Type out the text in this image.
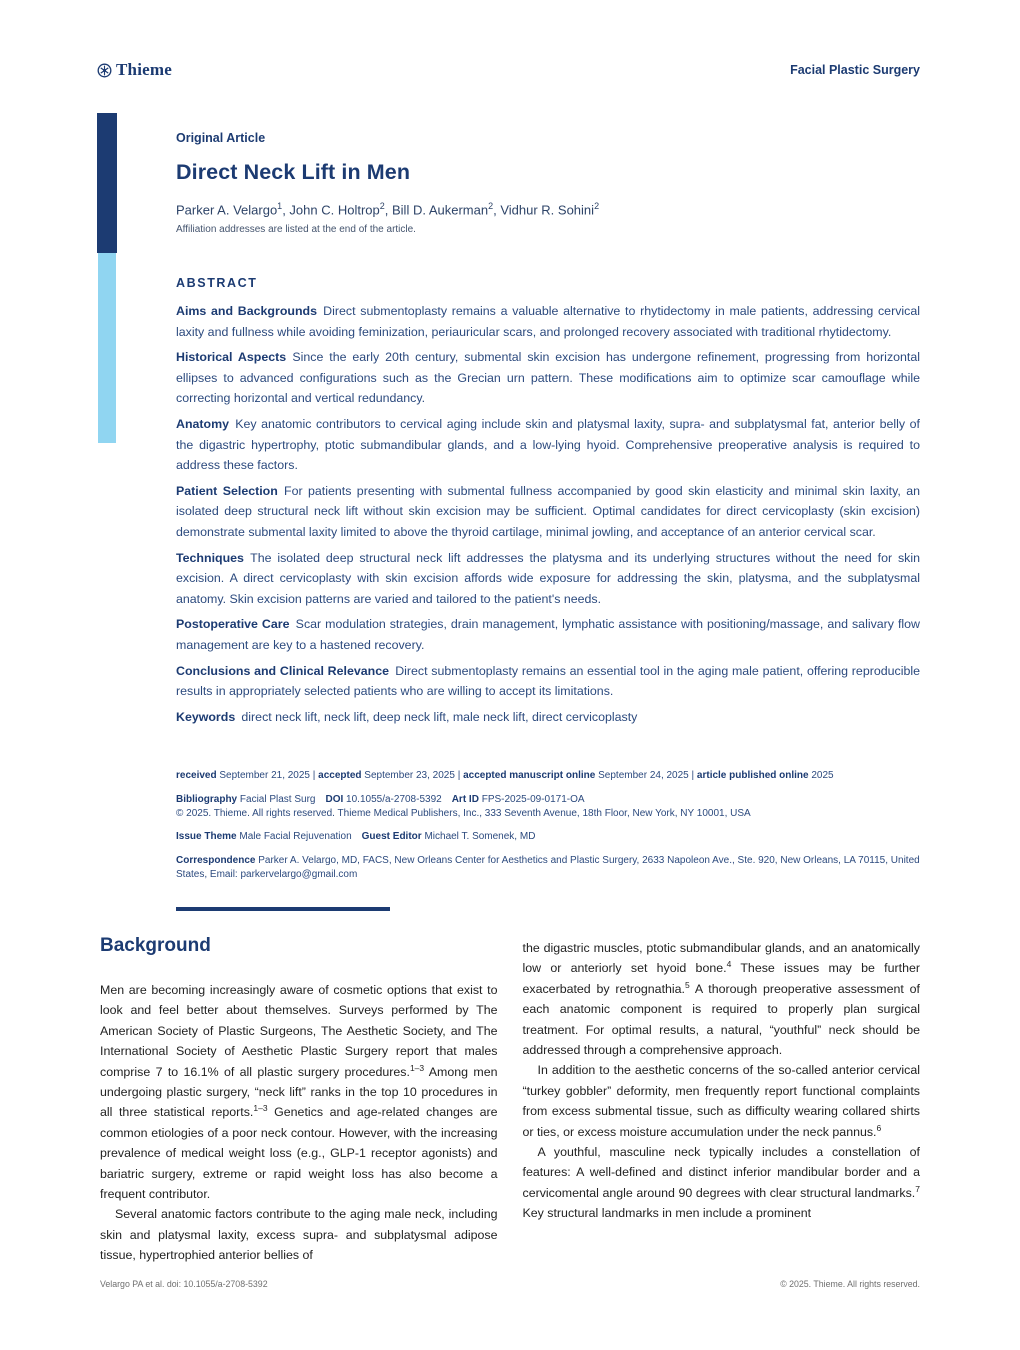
Thieme	Facial Plastic Surgery

Original Article

Direct Neck Lift in Men

Parker A. Velargo$^1$, John C. Holtrop$^2$, Bill D. Aukerman$^2$, Vidhur R. Sohini$^2$

Affiliation addresses are listed at the end of the article.

ABSTRACT

Aims and Backgrounds Direct submentoplasty remains a valuable alternative to rhytidectomy in male patients, addressing cervical laxity and fullness while avoiding feminization, periauricular scars, and prolonged recovery associated with traditional rhytidectomy.

Historical Aspects Since the early 20th century, submental skin excision has undergone refinement, progressing from horizontal ellipses to advanced configurations such as the Grecian urn pattern. These modifications aim to optimize scar camouflage while correcting horizontal and vertical redundancy.

Anatomy Key anatomic contributors to cervical aging include skin and platysmal laxity, supra- and subplatysmal fat, anterior belly of the digastric hypertrophy, ptotic submandibular glands, and a low-lying hyoid. Comprehensive preoperative analysis is required to address these factors.

Patient Selection For patients presenting with submental fullness accompanied by good skin elasticity and minimal skin laxity, an isolated deep structural neck lift without skin excision may be sufficient. Optimal candidates for direct cervicoplasty (skin excision) demonstrate submental laxity limited to above the thyroid cartilage, minimal jowling, and acceptance of an anterior cervical scar.

Techniques The isolated deep structural neck lift addresses the platysma and its underlying structures without the need for skin excision. A direct cervicoplasty with skin excision affords wide exposure for addressing the skin, platysma, and the subplatysmal anatomy. Skin excision patterns are varied and tailored to the patient's needs.

Postoperative Care Scar modulation strategies, drain management, lymphatic assistance with positioning/massage, and salivary flow management are key to a hastened recovery.

Conclusions and Clinical Relevance Direct submentoplasty remains an essential tool in the aging male patient, offering reproducible results in appropriately selected patients who are willing to accept its limitations.

Keywords direct neck lift, neck lift, deep neck lift, male neck lift, direct cervicoplasty

received September 21, 2025 | accepted September 23, 2025 | accepted manuscript online September 24, 2025 | article published online 2025
Bibliography Facial Plast Surg DOI 10.1055/a-2708-5392 Art ID FPS-2025-09-0171-OA
© 2025. Thieme. All rights reserved. Thieme Medical Publishers, Inc., 333 Seventh Avenue, 18th Floor, New York, NY 10001, USA
Issue Theme Male Facial Rejuvenation Guest Editor Michael T. Somenek, MD
Correspondence Parker A. Velargo, MD, FACS, New Orleans Center for Aesthetics and Plastic Surgery, 2633 Napoleon Ave., Ste. 920, New Orleans, LA 70115, United States, Email: parkervelargo@gmail.com
Background

Men are becoming increasingly aware of cosmetic options that exist to look and feel better about themselves. Surveys performed by The American Society of Plastic Surgeons, The Aesthetic Society, and The International Society of Aesthetic Plastic Surgery report that males comprise 7 to 16.1% of all plastic surgery procedures.$^{1-3}$ Among men undergoing plastic surgery, “neck lift” ranks in the top 10 procedures in all three statistical reports.$^{1-3}$ Genetics and age-related changes are common etiologies of a poor neck contour. However, with the increasing prevalence of medical weight loss (e.g., GLP-1 receptor agonists) and bariatric surgery, extreme or rapid weight loss has also become a frequent contributor.

Several anatomic factors contribute to the aging male neck, including skin and platysmal laxity, excess supra- and subplatysmal adipose tissue, hypertrophied anterior bellies of

the digastric muscles, ptotic submandibular glands, and an anatomically low or anteriorly set hyoid bone.$^4$ These issues may be further exacerbated by retrognathia.$^5$ A thorough preoperative assessment of each anatomic component is required to properly plan surgical treatment. For optimal results, a natural, “youthful” neck should be addressed through a comprehensive approach.

In addition to the aesthetic concerns of the so-called anterior cervical “turkey gobbler” deformity, men frequently report functional complaints from excess submental tissue, such as difficulty wearing collared shirts or ties, or excess moisture accumulation under the neck pannus.$^6$

A youthful, masculine neck typically includes a constellation of features: A well-defined and distinct inferior mandibular border and a cervicomental angle around 90 degrees with clear structural landmarks.$^7$ Key structural landmarks in men include a prominent

Velargo PA et al. doi: 10.1055/a-2708-5392	© 2025. Thieme. All rights reserved.
